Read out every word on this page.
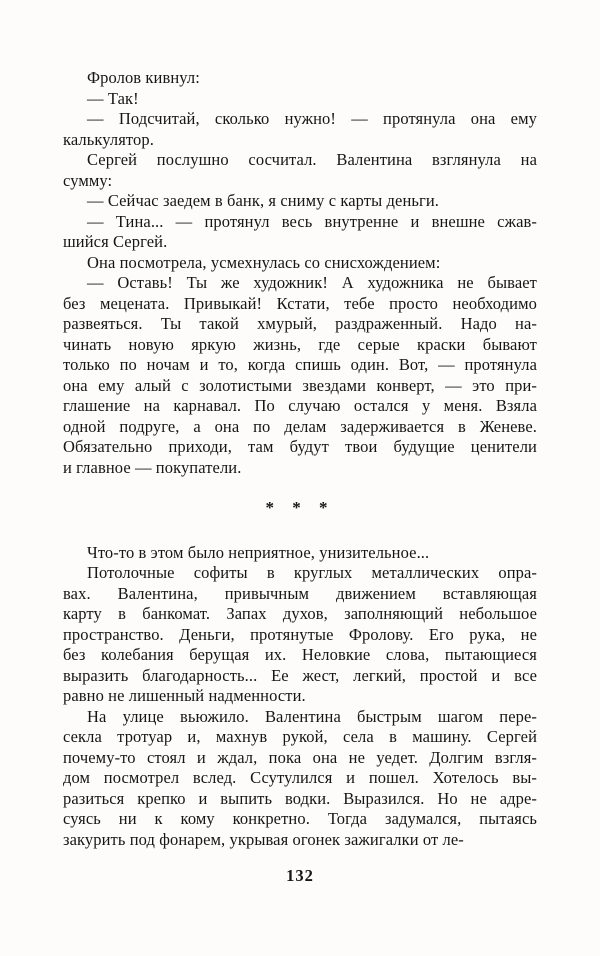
Фролов кивнул:
— Так!
— Подсчитай, сколько нужно! — протянула она ему
калькулятор.
Сергей послушно сосчитал. Валентина взглянула на
сумму:
— Сейчас заедем в банк, я сниму с карты деньги.
— Тина... — протянул весь внутренне и внешне сжав-
шийся Сергей.
Она посмотрела, усмехнулась со снисхождением:
— Оставь! Ты же художник! А художника не бывает
без мецената. Привыкай! Кстати, тебе просто необходимо
развеяться. Ты такой хмурый, раздраженный. Надо на-
чинать новую яркую жизнь, где серые краски бывают
только по ночам и то, когда спишь один. Вот, — протянула
она ему алый с золотистыми звездами конверт, — это при-
глашение на карнавал. По случаю остался у меня. Взяла
одной подруге, а она по делам задерживается в Женеве.
Обязательно приходи, там будут твои будущие ценители
и главное — покупатели.
* * *
Что-то в этом было неприятное, унизительное...
Потолочные софиты в круглых металлических опра-
вах. Валентина, привычным движением вставляющая
карту в банкомат. Запах духов, заполняющий небольшое
пространство. Деньги, протянутые Фролову. Его рука, не
без колебания берущая их. Неловкие слова, пытающиеся
выразить благодарность... Ее жест, легкий, простой и все
равно не лишенный надменности.
На улице вьюжило. Валентина быстрым шагом пере-
секла тротуар и, махнув рукой, села в машину. Сергей
почему-то стоял и ждал, пока она не уедет. Долгим взгля-
дом посмотрел вслед. Ссутулился и пошел. Хотелось вы-
разиться крепко и выпить водки. Выразился. Но не адре-
суясь ни к кому конкретно. Тогда задумался, пытаясь
закурить под фонарем, укрывая огонек зажигалки от ле-
132
